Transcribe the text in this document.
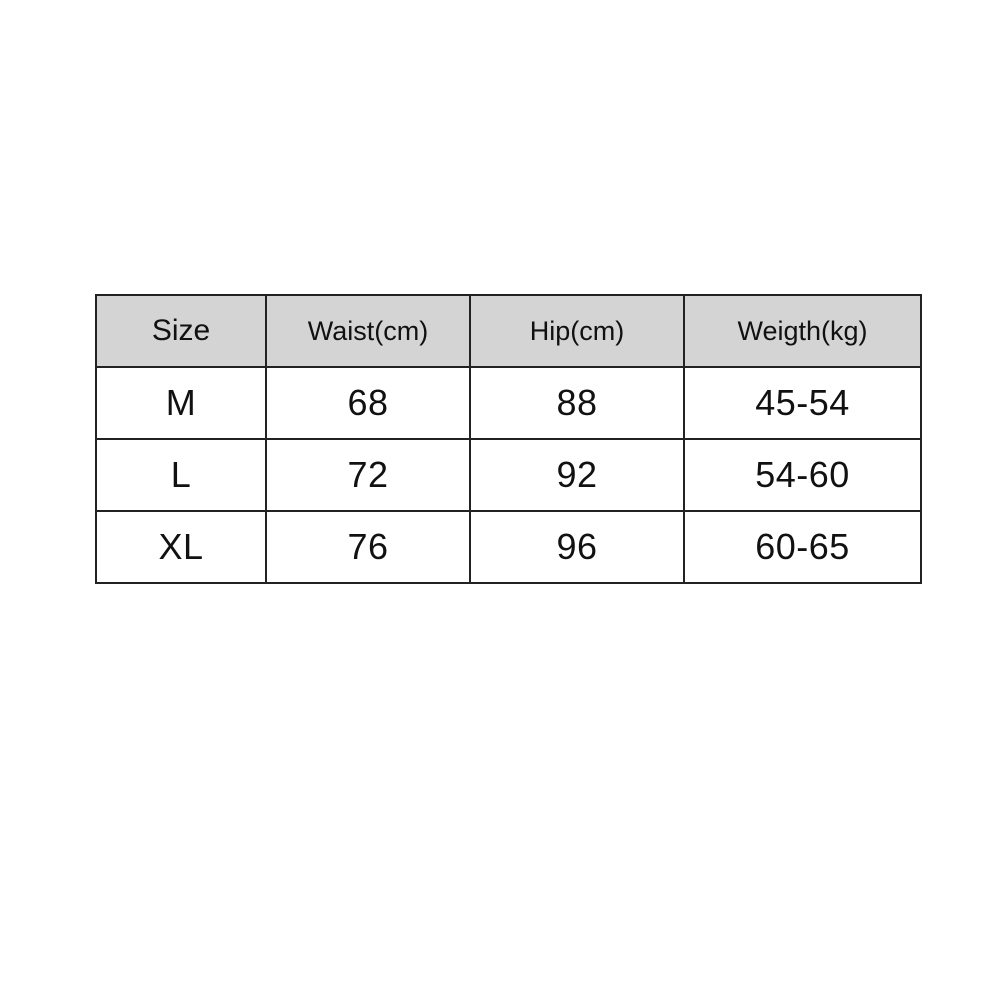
Size	Waist(cm)	Hip(cm)	Weigth(kg)
M	68	88	45-54
L	72	92	54-60
XL	76	96	60-65
